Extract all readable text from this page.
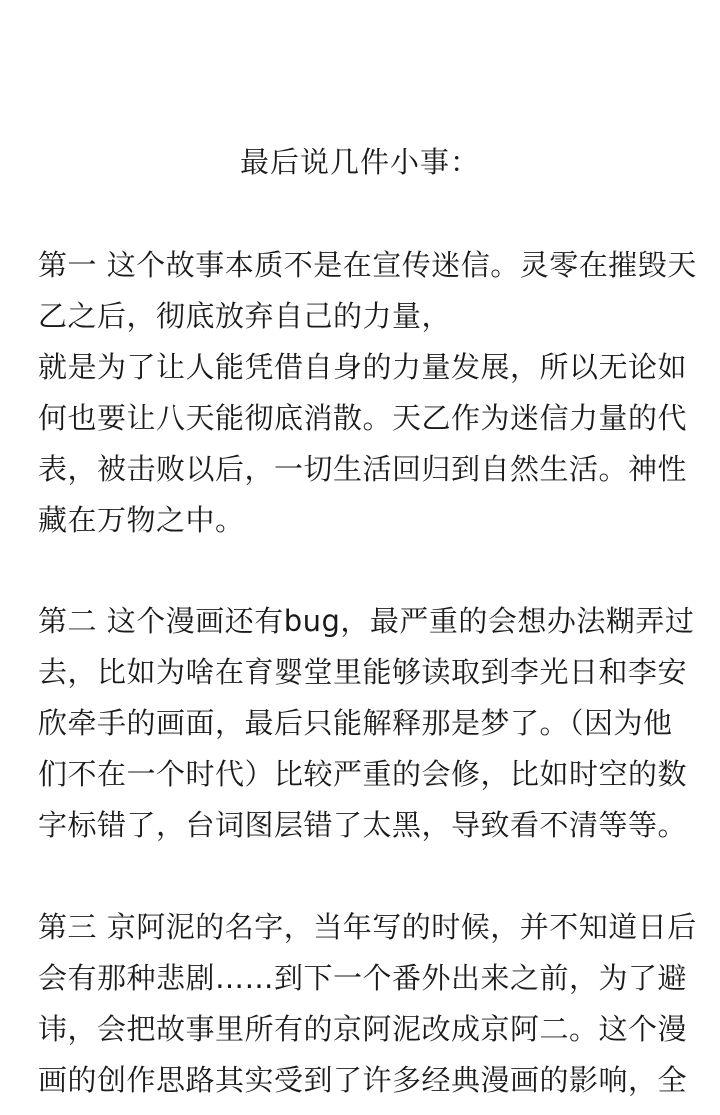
最后说几件小事：
第一 这个故事本质不是在宣传迷信。灵零在摧毁天乙之后，彻底放弃自己的力量，
就是为了让人能凭借自身的力量发展，所以无论如何也要让八天能彻底消散。天乙作为迷信力量的代表，被击败以后，一切生活回归到自然生活。神性藏在万物之中。
第二 这个漫画还有bug，最严重的会想办法糊弄过去，比如为啥在育婴堂里能够读取到李光日和李安欣牵手的画面，最后只能解释那是梦了。（因为他们不在一个时代）比较严重的会修，比如时空的数字标错了，台词图层错了太黑，导致看不清等等。
第三 京阿泥的名字，当年写的时候，并不知道日后会有那种悲剧……到下一个番外出来之前，为了避讳，会把故事里所有的京阿泥改成京阿二。这个漫画的创作思路其实受到了许多经典漫画的影响，全
